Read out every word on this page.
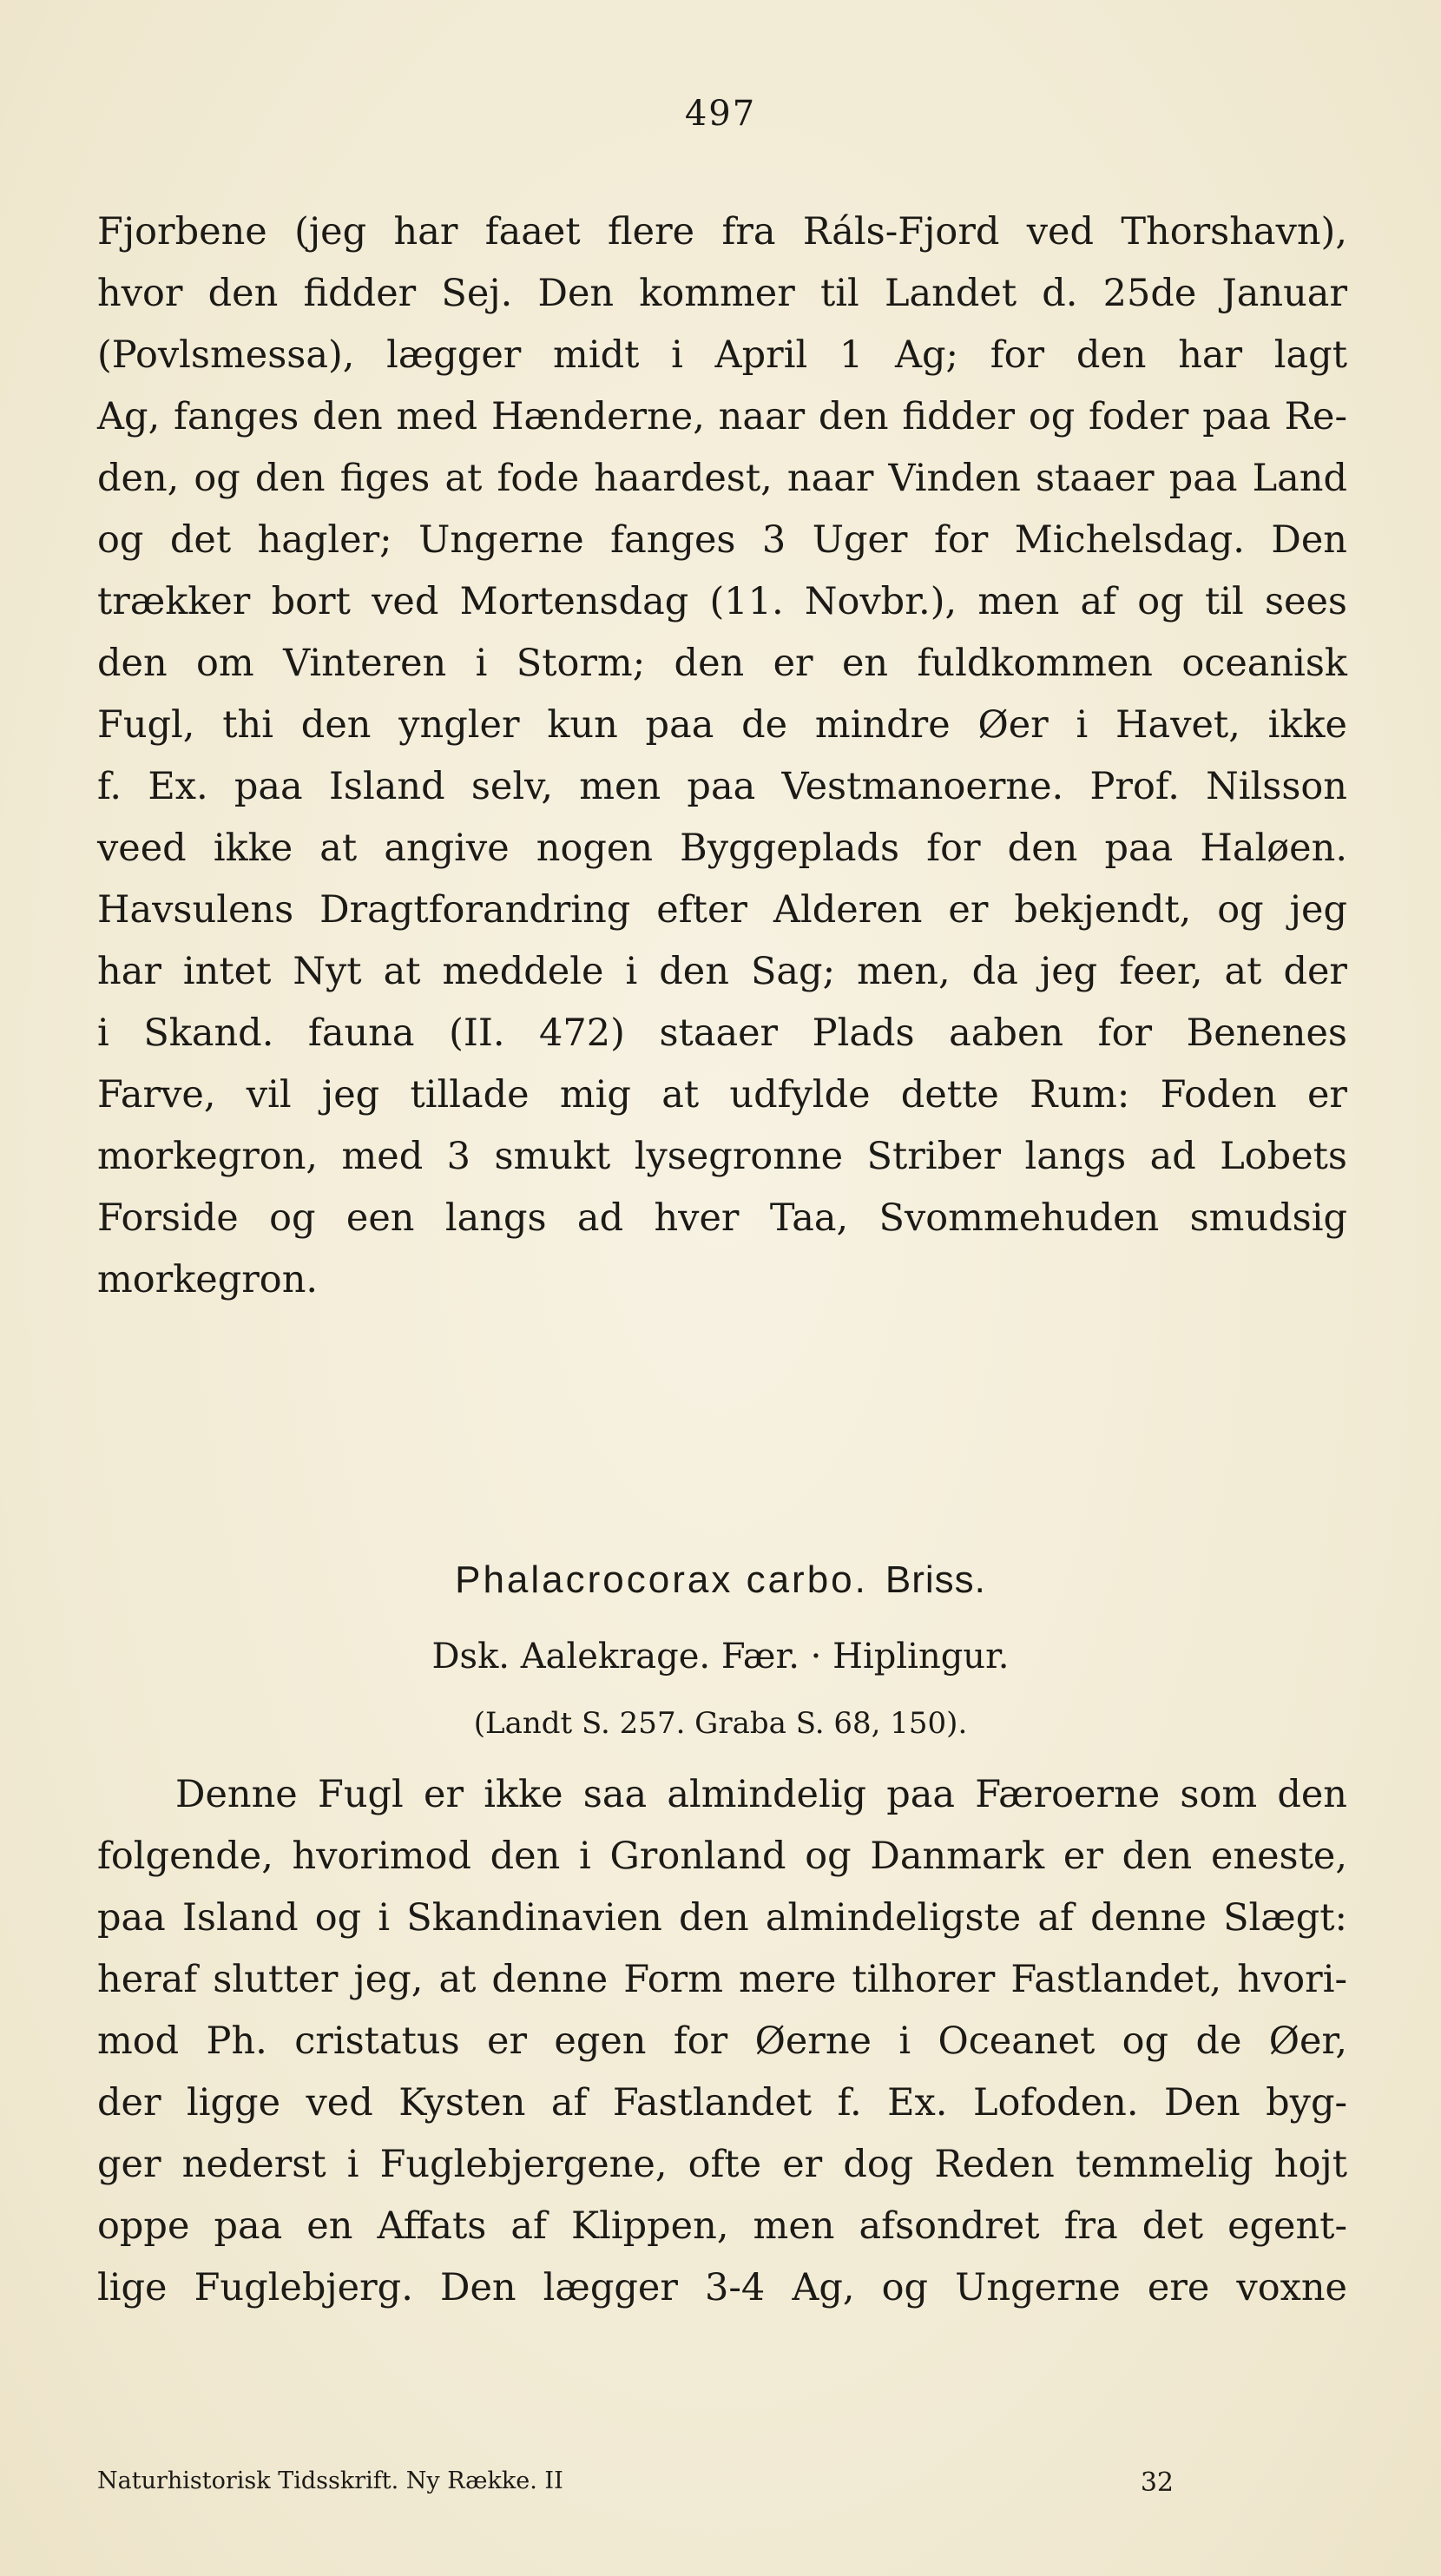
497
Fjorbene (jeg har faaet flere fra Ráls-Fjord ved Thorshavn),
hvor den fidder Sej. Den kommer til Landet d. 25de Januar
(Povlsmessa), lægger midt i April 1 Ag; for den har lagt
Ag, fanges den med Hænderne, naar den fidder og foder paa Re-
den, og den figes at fode haardest, naar Vinden staaer paa Land
og det hagler; Ungerne fanges 3 Uger for Michelsdag. Den
trækker bort ved Mortensdag (11. Novbr.), men af og til sees
den om Vinteren i Storm; den er en fuldkommen oceanisk
Fugl, thi den yngler kun paa de mindre Øer i Havet, ikke
f. Ex. paa Island selv, men paa Vestmanoerne. Prof. Nilsson
veed ikke at angive nogen Byggeplads for den paa Haløen.
Havsulens Dragtforandring efter Alderen er bekjendt, og jeg
har intet Nyt at meddele i den Sag; men, da jeg feer, at der
i Skand. fauna (II. 472) staaer Plads aaben for Benenes
Farve, vil jeg tillade mig at udfylde dette Rum: Foden er
morkegron, med 3 smukt lysegronne Striber langs ad Lobets
Forside og een langs ad hver Taa, Svommehuden smudsig
morkegron.
Phalacrocorax carbo. Briss.
Dsk. Aalekrage. Fær. · Hiplingur.
(Landt S. 257. Graba S. 68, 150).
Denne Fugl er ikke saa almindelig paa Færoerne som den
folgende, hvorimod den i Gronland og Danmark er den eneste,
paa Island og i Skandinavien den almindeligste af denne Slægt:
heraf slutter jeg, at denne Form mere tilhorer Fastlandet, hvori-
mod Ph. cristatus er egen for Øerne i Oceanet og de Øer,
der ligge ved Kysten af Fastlandet f. Ex. Lofoden. Den byg-
ger nederst i Fuglebjergene, ofte er dog Reden temmelig hojt
oppe paa en Affats af Klippen, men afsondret fra det egent-
lige Fuglebjerg. Den lægger 3-4 Ag, og Ungerne ere voxne
Naturhistorisk Tidsskrift. Ny Række. II	32
